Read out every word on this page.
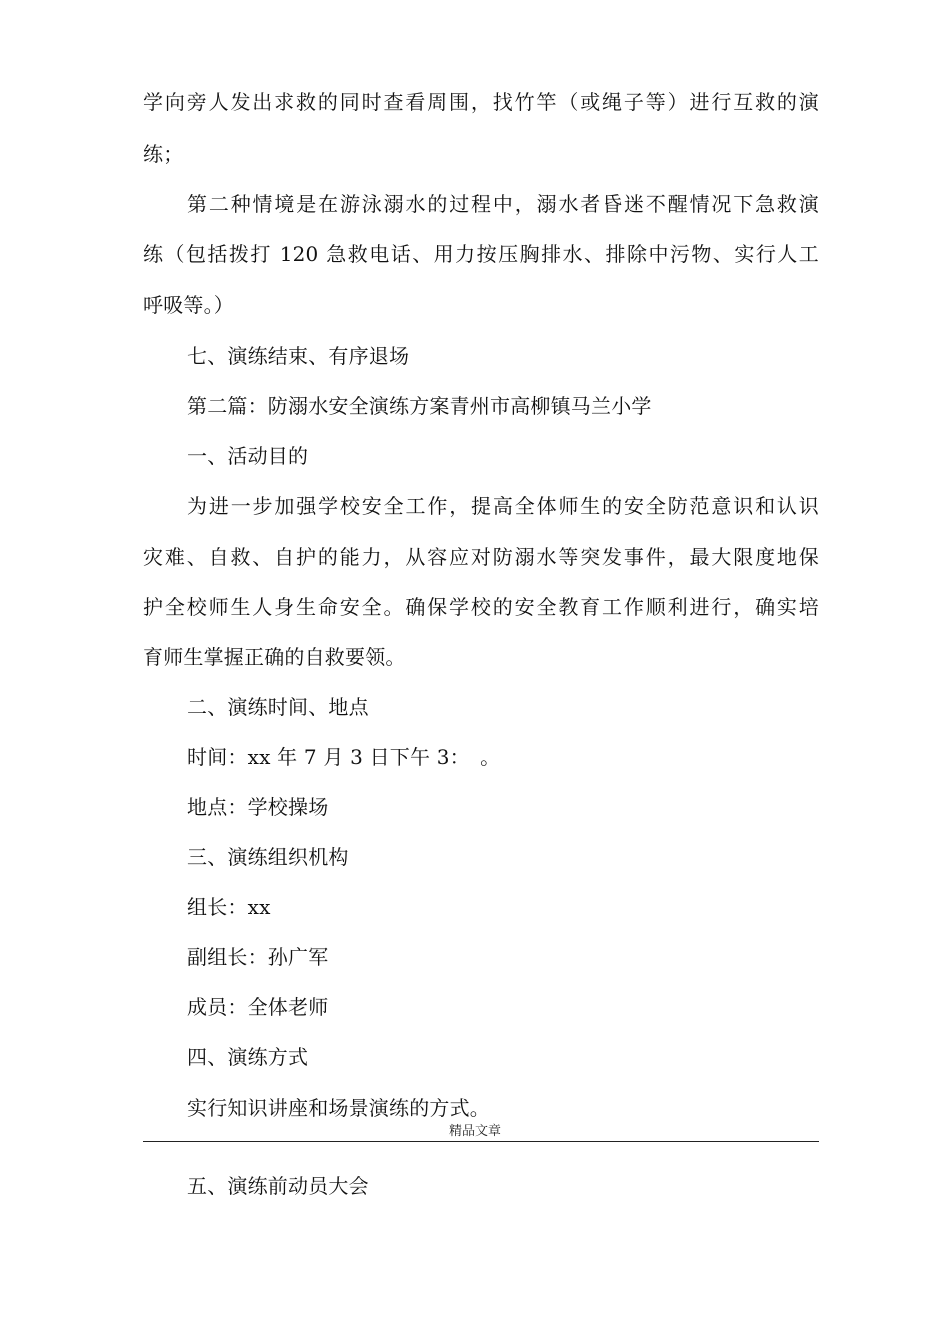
学向旁人发出求救的同时查看周围，找竹竿（或绳子等）进行互救的演
练；
第二种情境是在游泳溺水的过程中，溺水者昏迷不醒情况下急救演
练（包括拨打 120 急救电话、用力按压胸排水、排除中污物、实行人工
呼吸等。）
七、演练结束、有序退场
第二篇：防溺水安全演练方案青州市高柳镇马兰小学
一、活动目的
为进一步加强学校安全工作，提高全体师生的安全防范意识和认识
灾难、自救、自护的能力，从容应对防溺水等突发事件，最大限度地保
护全校师生人身生命安全。确保学校的安全教育工作顺利进行，确实培
育师生掌握正确的自救要领。
二、演练时间、地点
时间：xx 年 7 月 3 日下午 3：　。
地点：学校操场
三、演练组织机构
组长：xx
副组长：孙广军
成员：全体老师
四、演练方式
实行知识讲座和场景演练的方式。
精品文章
五、演练前动员大会
